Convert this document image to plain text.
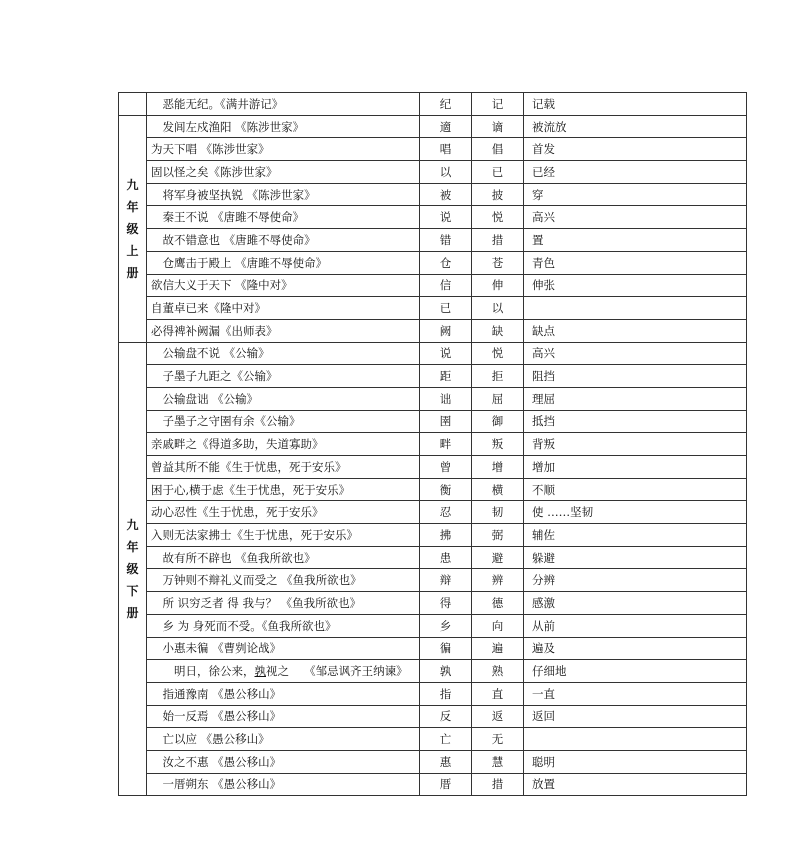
	　恶能无纪。《满井游记》	纪	记	记载

九
年
级
上
册	　发闾左戍渔阳 《陈涉世家》	適	谪	被流放
	为天下唱 《陈涉世家》	唱	倡	首发
	固以怪之矣《陈涉世家》	以	已	已经
	　将军身被坚执锐 《陈涉世家》	被	披	穿
	　秦王不说 《唐雎不辱使命》	说	悦	高兴
	　故不错意也 《唐雎不辱使命》	错	措	置
	　仓鹰击于殿上 《唐雎不辱使命》	仓	苍	青色
	欲信大义于天下 《隆中对》	信	伸	伸张
	自董卓已来《隆中对》	已	以	
	必得裨补阙漏《出师表》	阙	缺	缺点

九
年
级
下
册	　公输盘不说 《公输》	说	悦	高兴
	　子墨子九距之《公输》	距	拒	阻挡
	　公输盘诎 《公输》	诎	屈	理屈
	　子墨子之守圉有余《公输》	圉	御	抵挡
	亲戚畔之《得道多助，失道寡助》	畔	叛	背叛
	曾益其所不能《生于忧患，死于安乐》	曾	增	增加
	困于心,横于虑《生于忧患，死于安乐》	衡	横	不顺
	动心忍性《生于忧患，死于安乐》	忍	韧	使 ……坚韧
	入则无法家拂士《生于忧患，死于安乐》	拂	弼	辅佐
	　故有所不辟也 《鱼我所欲也》	患	避	躲避
	　万钟则不辩礼义而受之 《鱼我所欲也》	辩	辨	分辨
	　所 识穷乏者 得 我与？ 《鱼我所欲也》	得	德	感激
	　乡 为 身死而不受。《鱼我所欲也》	乡	向	从前
	　小惠未徧 《曹刿论战》	徧	遍	遍及
	　　明日，徐公来，孰视之　 《邹忌讽齐王纳谏》	孰	熟	仔细地
	　指通豫南 《愚公移山》	指	直	一直
	　始一反焉 《愚公移山》	反	返	返回
	　亡以应 《愚公移山》	亡	无	
	　汝之不惠 《愚公移山》	惠	慧	聪明
	　一厝朔东 《愚公移山》	厝	措	放置
